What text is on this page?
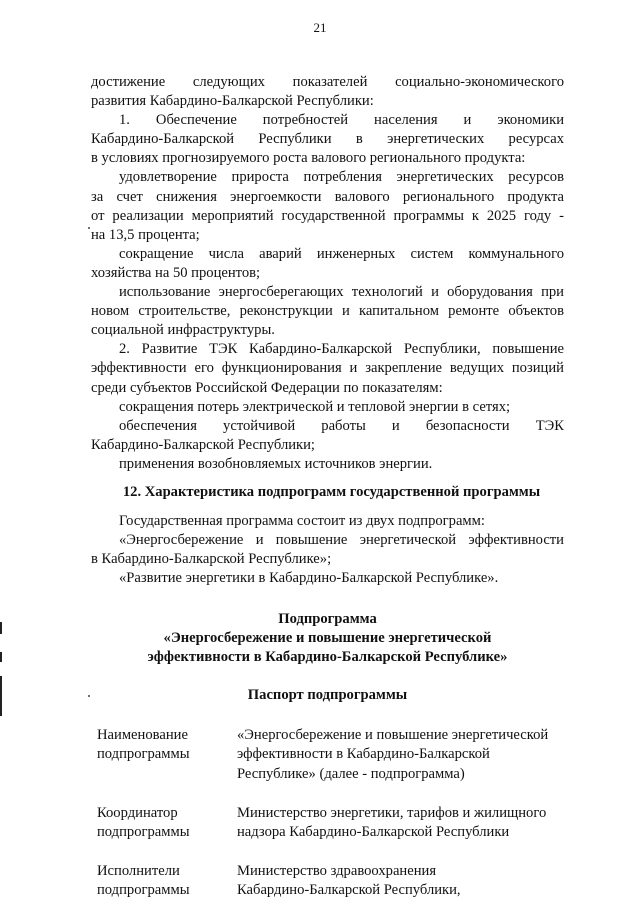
21

достижение следующих показателей социально-экономического

развития Кабардино-Балкарской Республики:

1. Обеспечение потребностей населения и экономики

Кабардино-Балкарской Республики в энергетических ресурсах

в условиях прогнозируемого роста валового регионального продукта:

удовлетворение прироста потребления энергетических ресурсов

за счет снижения энергоемкости валового регионального продукта

от реализации мероприятий государственной программы к 2025 году -

на 13,5 процента;

сокращение числа аварий инженерных систем коммунального

хозяйства на 50 процентов;

использование энергосберегающих технологий и оборудования при

новом строительстве, реконструкции и капитальном ремонте объектов

социальной инфраструктуры.

2. Развитие ТЭК Кабардино-Балкарской Республики, повышение

эффективности его функционирования и закрепление ведущих позиций

среди субъектов Российской Федерации по показателям:

сокращения потерь электрической и тепловой энергии в сетях;

обеспечения устойчивой работы и безопасности ТЭК

Кабардино-Балкарской Республики;

применения возобновляемых источников энергии.

12. Характеристика подпрограмм государственной программы

Государственная программа состоит из двух подпрограмм:

«Энергосбережение и повышение энергетической эффективности

в Кабардино-Балкарской Республике»;

«Развитие энергетики в Кабардино-Балкарской Республике».

Подпрограмма

«Энергосбережение и повышение энергетической

эффективности в Кабардино-Балкарской Республике»

Паспорт подпрограммы

Наименование
подпрограммы
«Энергосбережение и повышение энергетической
эффективности в Кабардино-Балкарской
Республике» (далее - подпрограмма)
Координатор
подпрограммы
Министерство энергетики, тарифов и жилищного
надзора Кабардино-Балкарской Республики
Исполнители
подпрограммы
Министерство здравоохранения
Кабардино-Балкарской Республики,
